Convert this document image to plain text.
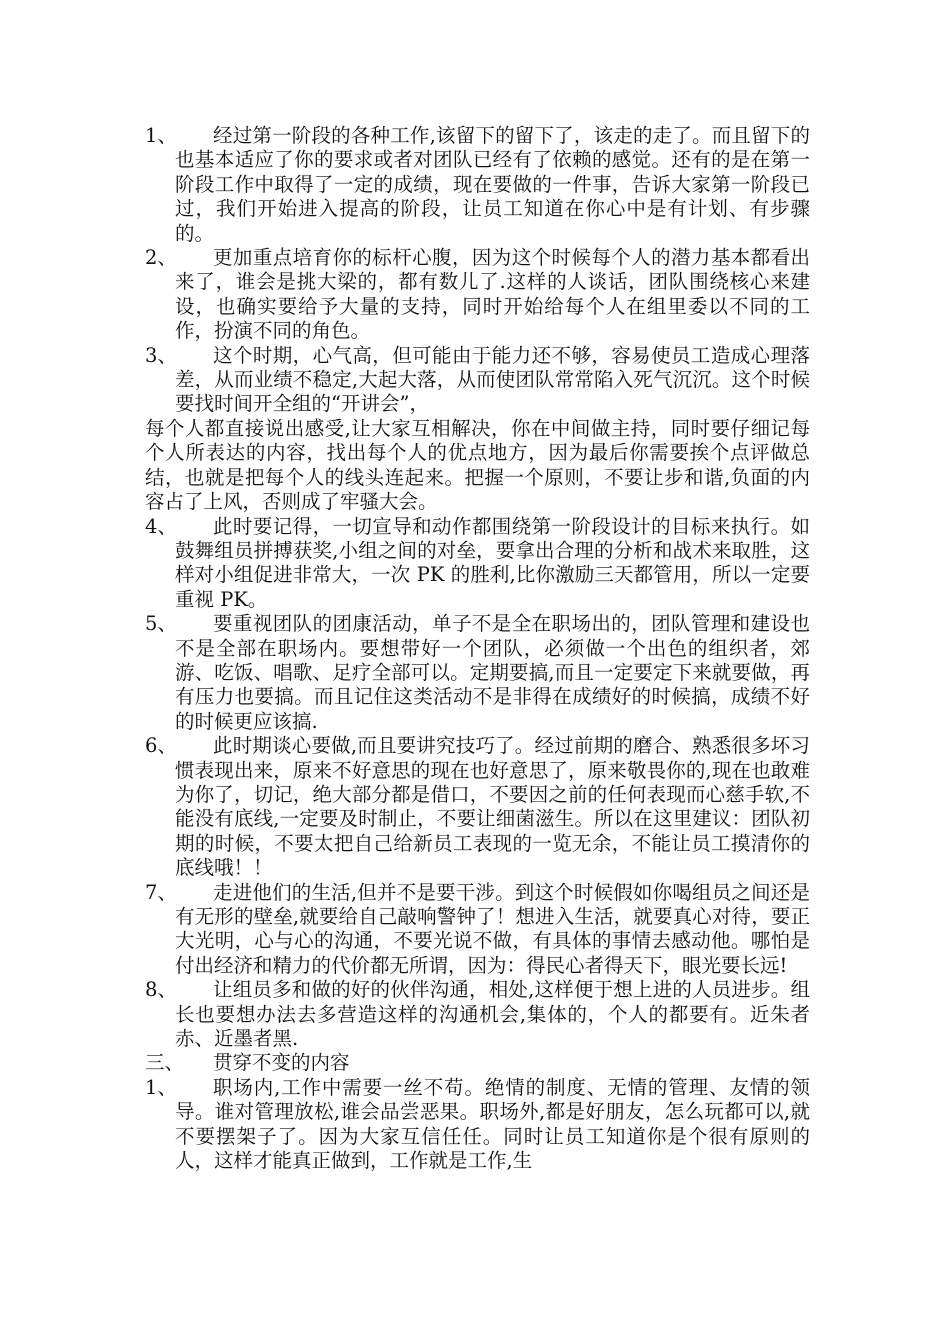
1、	经过第一阶段的各种工作,该留下的留下了，该走的走了。而且留下的也基本适应了你的要求或者对团队已经有了依赖的感觉。还有的是在第一阶段工作中取得了一定的成绩，现在要做的一件事，告诉大家第一阶段已过，我们开始进入提高的阶段，让员工知道在你心中是有计划、有步骤的。
2、	更加重点培育你的标杆心腹，因为这个时候每个人的潜力基本都看出来了，谁会是挑大梁的，都有数儿了.这样的人谈话，团队围绕核心来建设，也确实要给予大量的支持，同时开始给每个人在组里委以不同的工作，扮演不同的角色。
3、	这个时期，心气高，但可能由于能力还不够，容易使员工造成心理落差，从而业绩不稳定,大起大落，从而使团队常常陷入死气沉沉。这个时候要找时间开全组的“开讲会”，

每个人都直接说出感受,让大家互相解决，你在中间做主持，同时要仔细记每个人所表达的内容，找出每个人的优点地方，因为最后你需要挨个点评做总结，也就是把每个人的线头连起来。把握一个原则，不要让步和谐,负面的内容占了上风，否则成了牢骚大会。

4、	此时要记得，一切宣导和动作都围绕第一阶段设计的目标来执行。如鼓舞组员拼搏获奖,小组之间的对垒，要拿出合理的分析和战术来取胜，这样对小组促进非常大，一次 PK 的胜利,比你激励三天都管用，所以一定要重视 PK。
5、	要重视团队的团康活动，单子不是全在职场出的，团队管理和建设也不是全部在职场内。要想带好一个团队，必须做一个出色的组织者，郊游、吃饭、唱歌、足疗全部可以。定期要搞,而且一定要定下来就要做，再有压力也要搞。而且记住这类活动不是非得在成绩好的时候搞，成绩不好的时候更应该搞.
6、	此时期谈心要做,而且要讲究技巧了。经过前期的磨合、熟悉很多坏习惯表现出来，原来不好意思的现在也好意思了，原来敬畏你的,现在也敢难为你了，切记，绝大部分都是借口，不要因之前的任何表现而心慈手软,不能没有底线,一定要及时制止，不要让细菌滋生。所以在这里建议：团队初期的时候，不要太把自己给新员工表现的一览无余，不能让员工摸清你的底线哦！！
7、	走进他们的生活,但并不是要干涉。到这个时候假如你喝组员之间还是有无形的壁垒,就要给自己敲响警钟了！想进入生活，就要真心对待，要正大光明，心与心的沟通，不要光说不做，有具体的事情去感动他。哪怕是付出经济和精力的代价都无所谓，因为：得民心者得天下，眼光要长远!
8、	让组员多和做的好的伙伴沟通，相处,这样便于想上进的人员进步。组长也要想办法去多营造这样的沟通机会,集体的，个人的都要有。近朱者赤、近墨者黑.
三、	贯穿不变的内容
1、	职场内,工作中需要一丝不苟。绝情的制度、无情的管理、友情的领导。谁对管理放松,谁会品尝恶果。职场外,都是好朋友，怎么玩都可以,就不要摆架子了。因为大家互信任任。同时让员工知道你是个很有原则的人，这样才能真正做到，工作就是工作,生
